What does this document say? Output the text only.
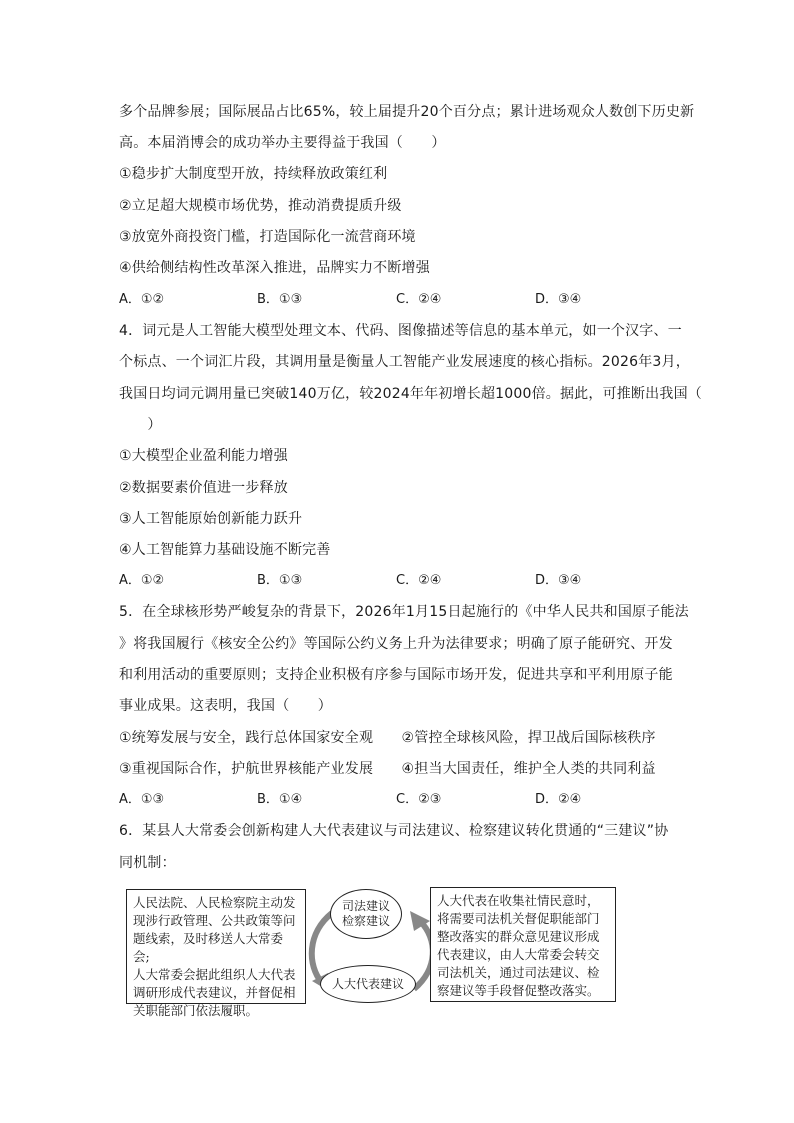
多个品牌参展；国际展品占比65%，较上届提升20个百分点；累计进场观众人数创下历史新
高。本届消博会的成功举办主要得益于我国（　　）
①稳步扩大制度型开放，持续释放政策红利
②立足超大规模市场优势，推动消费提质升级
③放宽外商投资门槛，打造国际化一流营商环境
④供给侧结构性改革深入推进，品牌实力不断增强
A．①②	B．①③	C．②④	D．③④
4．词元是人工智能大模型处理文本、代码、图像描述等信息的基本单元，如一个汉字、一
个标点、一个词汇片段，其调用量是衡量人工智能产业发展速度的核心指标。2026年3月，
我国日均词元调用量已突破140万亿，较2024年年初增长超1000倍。据此，可推断出我国（
　　）
①大模型企业盈利能力增强
②数据要素价值进一步释放
③人工智能原始创新能力跃升
④人工智能算力基础设施不断完善
A．①②	B．①③	C．②④	D．③④
5．在全球核形势严峻复杂的背景下，2026年1月15日起施行的《中华人民共和国原子能法
》将我国履行《核安全公约》等国际公约义务上升为法律要求；明确了原子能研究、开发
和利用活动的重要原则；支持企业积极有序参与国际市场开发，促进共享和平利用原子能
事业成果。这表明，我国（　　）
①统筹发展与安全，践行总体国家安全观　　②管控全球核风险，捍卫战后国际核秩序
③重视国际合作，护航世界核能产业发展　　④担当大国责任，维护全人类的共同利益
A．①③	B．①④	C．②③	D．②④
6．某县人大常委会创新构建人大代表建议与司法建议、检察建议转化贯通的“三建议”协
同机制：
人民法院、人民检察院主动发
现涉行政管理、公共政策等问
题线索，及时移送人大常委会;
人大常委会据此组织人大代表
调研形成代表建议，并督促相
关职能部门依法履职。
司法建议
检察建议
人大代表建议
人大代表在收集社情民意时，
将需要司法机关督促职能部门
整改落实的群众意见建议形成
代表建议，由人大常委会转交
司法机关，通过司法建议、检
察建议等手段督促整改落实。
